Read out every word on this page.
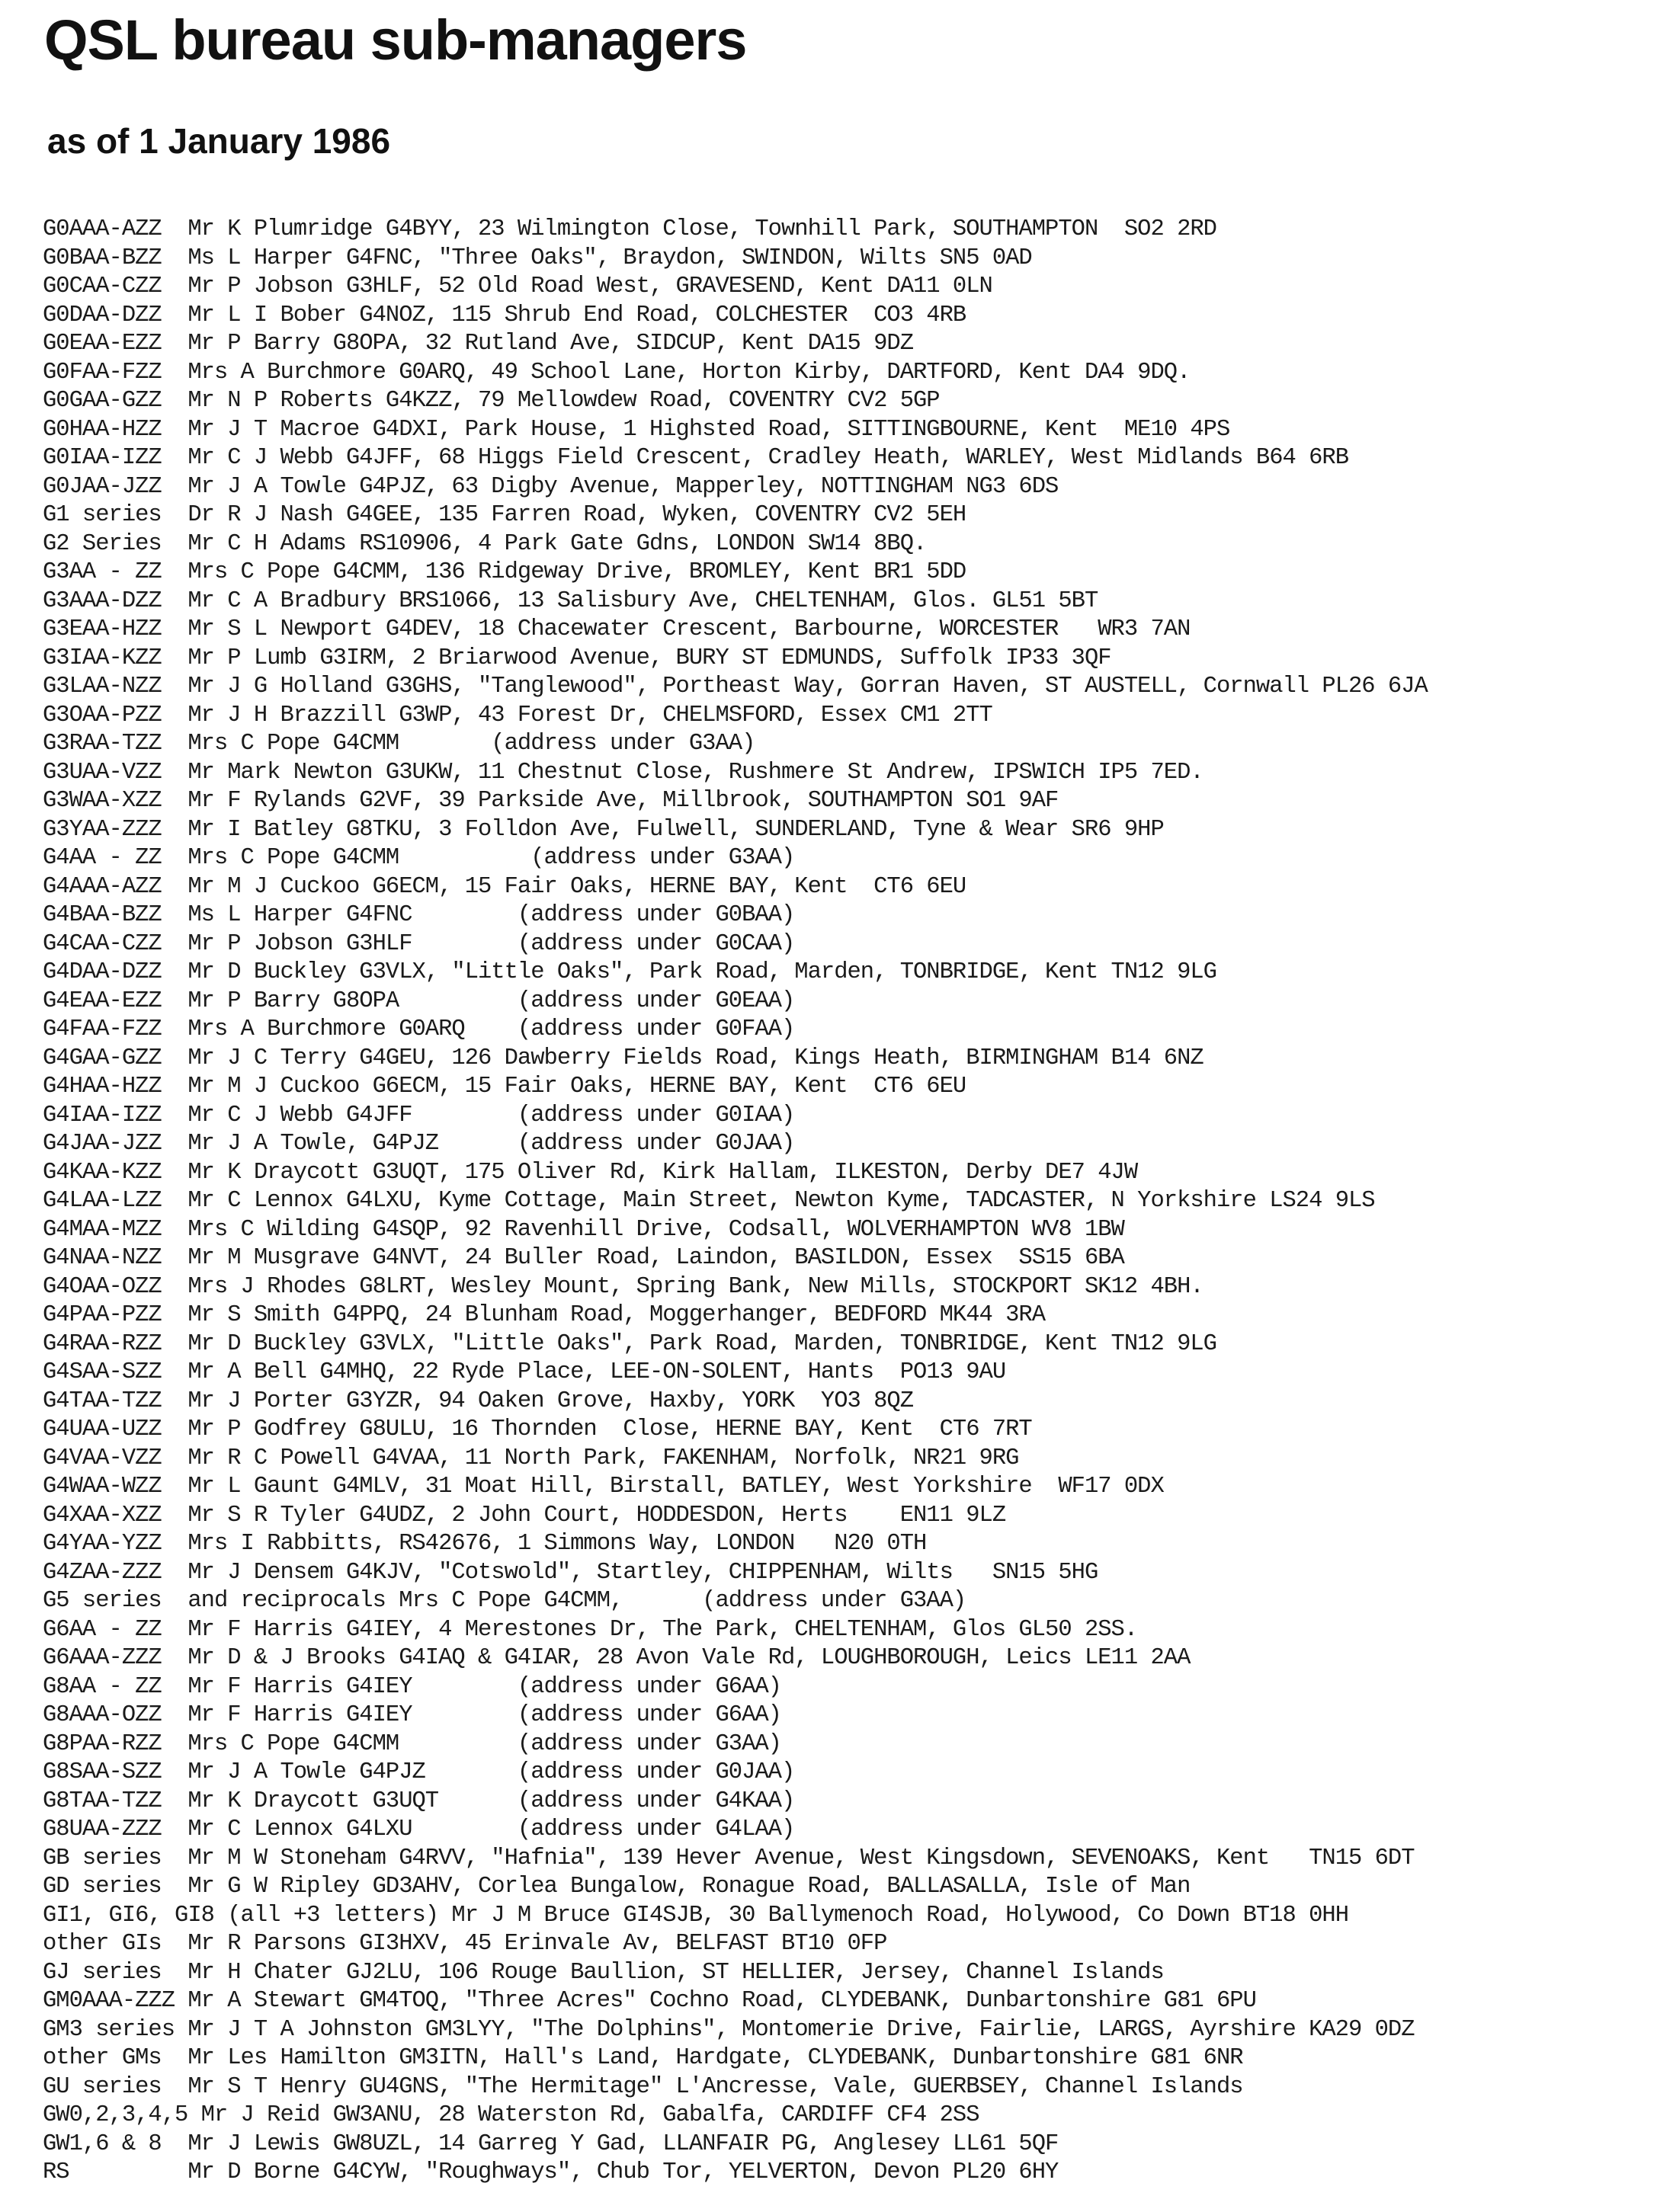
QSL bureau sub-managers
as of 1 January 1986
G0AAA-AZZ  Mr K Plumridge G4BYY, 23 Wilmington Close, Townhill Park, SOUTHAMPTON  SO2 2RD
G0BAA-BZZ  Ms L Harper G4FNC, "Three Oaks", Braydon, SWINDON, Wilts SN5 0AD
G0CAA-CZZ  Mr P Jobson G3HLF, 52 Old Road West, GRAVESEND, Kent DA11 0LN
G0DAA-DZZ  Mr L I Bober G4NOZ, 115 Shrub End Road, COLCHESTER  CO3 4RB
G0EAA-EZZ  Mr P Barry G8OPA, 32 Rutland Ave, SIDCUP, Kent DA15 9DZ
G0FAA-FZZ  Mrs A Burchmore G0ARQ, 49 School Lane, Horton Kirby, DARTFORD, Kent DA4 9DQ.
G0GAA-GZZ  Mr N P Roberts G4KZZ, 79 Mellowdew Road, COVENTRY CV2 5GP
G0HAA-HZZ  Mr J T Macroe G4DXI, Park House, 1 Highsted Road, SITTINGBOURNE, Kent  ME10 4PS
G0IAA-IZZ  Mr C J Webb G4JFF, 68 Higgs Field Crescent, Cradley Heath, WARLEY, West Midlands B64 6RB
G0JAA-JZZ  Mr J A Towle G4PJZ, 63 Digby Avenue, Mapperley, NOTTINGHAM NG3 6DS
G1 series  Dr R J Nash G4GEE, 135 Farren Road, Wyken, COVENTRY CV2 5EH
G2 Series  Mr C H Adams RS10906, 4 Park Gate Gdns, LONDON SW14 8BQ.
G3AA - ZZ  Mrs C Pope G4CMM, 136 Ridgeway Drive, BROMLEY, Kent BR1 5DD
G3AAA-DZZ  Mr C A Bradbury BRS1066, 13 Salisbury Ave, CHELTENHAM, Glos. GL51 5BT
G3EAA-HZZ  Mr S L Newport G4DEV, 18 Chacewater Crescent, Barbourne, WORCESTER   WR3 7AN
G3IAA-KZZ  Mr P Lumb G3IRM, 2 Briarwood Avenue, BURY ST EDMUNDS, Suffolk IP33 3QF
G3LAA-NZZ  Mr J G Holland G3GHS, "Tanglewood", Portheast Way, Gorran Haven, ST AUSTELL, Cornwall PL26 6JA
G3OAA-PZZ  Mr J H Brazzill G3WP, 43 Forest Dr, CHELMSFORD, Essex CM1 2TT
G3RAA-TZZ  Mrs C Pope G4CMM       (address under G3AA)
G3UAA-VZZ  Mr Mark Newton G3UKW, 11 Chestnut Close, Rushmere St Andrew, IPSWICH IP5 7ED.
G3WAA-XZZ  Mr F Rylands G2VF, 39 Parkside Ave, Millbrook, SOUTHAMPTON SO1 9AF
G3YAA-ZZZ  Mr I Batley G8TKU, 3 Folldon Ave, Fulwell, SUNDERLAND, Tyne & Wear SR6 9HP
G4AA - ZZ  Mrs C Pope G4CMM          (address under G3AA)
G4AAA-AZZ  Mr M J Cuckoo G6ECM, 15 Fair Oaks, HERNE BAY, Kent  CT6 6EU
G4BAA-BZZ  Ms L Harper G4FNC        (address under G0BAA)
G4CAA-CZZ  Mr P Jobson G3HLF        (address under G0CAA)
G4DAA-DZZ  Mr D Buckley G3VLX, "Little Oaks", Park Road, Marden, TONBRIDGE, Kent TN12 9LG
G4EAA-EZZ  Mr P Barry G8OPA         (address under G0EAA)
G4FAA-FZZ  Mrs A Burchmore G0ARQ    (address under G0FAA)
G4GAA-GZZ  Mr J C Terry G4GEU, 126 Dawberry Fields Road, Kings Heath, BIRMINGHAM B14 6NZ
G4HAA-HZZ  Mr M J Cuckoo G6ECM, 15 Fair Oaks, HERNE BAY, Kent  CT6 6EU
G4IAA-IZZ  Mr C J Webb G4JFF        (address under G0IAA)
G4JAA-JZZ  Mr J A Towle, G4PJZ      (address under G0JAA)
G4KAA-KZZ  Mr K Draycott G3UQT, 175 Oliver Rd, Kirk Hallam, ILKESTON, Derby DE7 4JW
G4LAA-LZZ  Mr C Lennox G4LXU, Kyme Cottage, Main Street, Newton Kyme, TADCASTER, N Yorkshire LS24 9LS
G4MAA-MZZ  Mrs C Wilding G4SQP, 92 Ravenhill Drive, Codsall, WOLVERHAMPTON WV8 1BW
G4NAA-NZZ  Mr M Musgrave G4NVT, 24 Buller Road, Laindon, BASILDON, Essex  SS15 6BA
G4OAA-OZZ  Mrs J Rhodes G8LRT, Wesley Mount, Spring Bank, New Mills, STOCKPORT SK12 4BH.
G4PAA-PZZ  Mr S Smith G4PPQ, 24 Blunham Road, Moggerhanger, BEDFORD MK44 3RA
G4RAA-RZZ  Mr D Buckley G3VLX, "Little Oaks", Park Road, Marden, TONBRIDGE, Kent TN12 9LG
G4SAA-SZZ  Mr A Bell G4MHQ, 22 Ryde Place, LEE-ON-SOLENT, Hants  PO13 9AU
G4TAA-TZZ  Mr J Porter G3YZR, 94 Oaken Grove, Haxby, YORK  YO3 8QZ
G4UAA-UZZ  Mr P Godfrey G8ULU, 16 Thornden  Close, HERNE BAY, Kent  CT6 7RT
G4VAA-VZZ  Mr R C Powell G4VAA, 11 North Park, FAKENHAM, Norfolk, NR21 9RG
G4WAA-WZZ  Mr L Gaunt G4MLV, 31 Moat Hill, Birstall, BATLEY, West Yorkshire  WF17 0DX
G4XAA-XZZ  Mr S R Tyler G4UDZ, 2 John Court, HODDESDON, Herts    EN11 9LZ
G4YAA-YZZ  Mrs I Rabbitts, RS42676, 1 Simmons Way, LONDON   N20 0TH
G4ZAA-ZZZ  Mr J Densem G4KJV, "Cotswold", Startley, CHIPPENHAM, Wilts   SN15 5HG
G5 series  and reciprocals Mrs C Pope G4CMM,      (address under G3AA)
G6AA - ZZ  Mr F Harris G4IEY, 4 Merestones Dr, The Park, CHELTENHAM, Glos GL50 2SS.
G6AAA-ZZZ  Mr D & J Brooks G4IAQ & G4IAR, 28 Avon Vale Rd, LOUGHBOROUGH, Leics LE11 2AA
G8AA - ZZ  Mr F Harris G4IEY        (address under G6AA)
G8AAA-OZZ  Mr F Harris G4IEY        (address under G6AA)
G8PAA-RZZ  Mrs C Pope G4CMM         (address under G3AA)
G8SAA-SZZ  Mr J A Towle G4PJZ       (address under G0JAA)
G8TAA-TZZ  Mr K Draycott G3UQT      (address under G4KAA)
G8UAA-ZZZ  Mr C Lennox G4LXU        (address under G4LAA)
GB series  Mr M W Stoneham G4RVV, "Hafnia", 139 Hever Avenue, West Kingsdown, SEVENOAKS, Kent   TN15 6DT
GD series  Mr G W Ripley GD3AHV, Corlea Bungalow, Ronague Road, BALLASALLA, Isle of Man
GI1, GI6, GI8 (all +3 letters) Mr J M Bruce GI4SJB, 30 Ballymenoch Road, Holywood, Co Down BT18 0HH
other GIs  Mr R Parsons GI3HXV, 45 Erinvale Av, BELFAST BT10 0FP
GJ series  Mr H Chater GJ2LU, 106 Rouge Baullion, ST HELLIER, Jersey, Channel Islands
GM0AAA-ZZZ Mr A Stewart GM4TOQ, "Three Acres" Cochno Road, CLYDEBANK, Dunbartonshire G81 6PU
GM3 series Mr J T A Johnston GM3LYY, "The Dolphins", Montomerie Drive, Fairlie, LARGS, Ayrshire KA29 0DZ
other GMs  Mr Les Hamilton GM3ITN, Hall's Land, Hardgate, CLYDEBANK, Dunbartonshire G81 6NR
GU series  Mr S T Henry GU4GNS, "The Hermitage" L'Ancresse, Vale, GUERBSEY, Channel Islands
GW0,2,3,4,5 Mr J Reid GW3ANU, 28 Waterston Rd, Gabalfa, CARDIFF CF4 2SS
GW1,6 & 8  Mr J Lewis GW8UZL, 14 Garreg Y Gad, LLANFAIR PG, Anglesey LL61 5QF
RS         Mr D Borne G4CYW, "Roughways", Chub Tor, YELVERTON, Devon PL20 6HY
